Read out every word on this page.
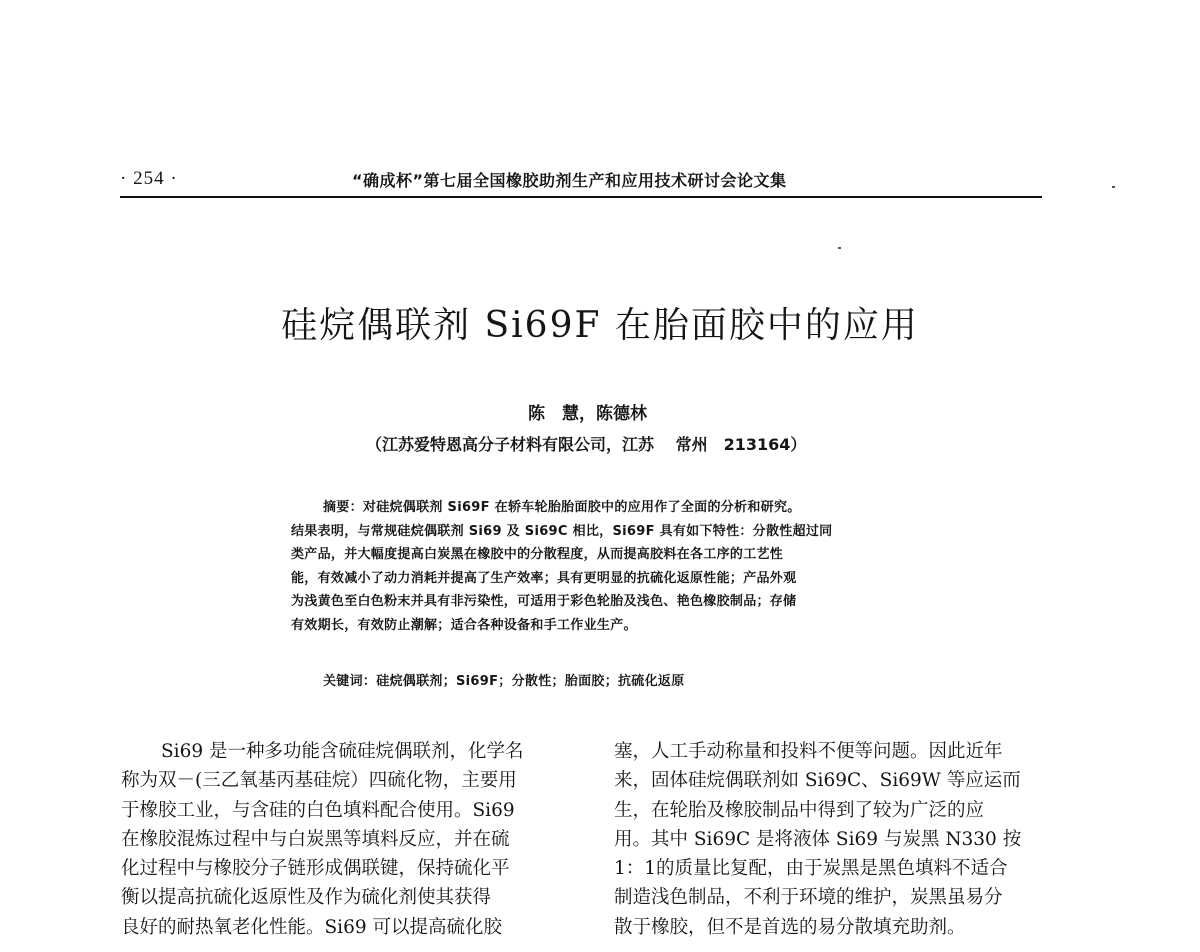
· 254 ·	“确成杯”第七届全国橡胶助剂生产和应用技术研讨会论文集
硅烷偶联剂 Si69F 在胎面胶中的应用
陈　慧，陈德林
（江苏爱特恩高分子材料有限公司，江苏　 常州　213164）
摘要：对硅烷偶联剂 Si69F 在轿车轮胎胎面胶中的应用作了全面的分析和研究。
结果表明，与常规硅烷偶联剂 Si69 及 Si69C 相比，Si69F 具有如下特性：分散性超过同
类产品，并大幅度提高白炭黑在橡胶中的分散程度，从而提高胶料在各工序的工艺性
能，有效减小了动力消耗并提高了生产效率；具有更明显的抗硫化返原性能；产品外观
为浅黄色至白色粉末并具有非污染性，可适用于彩色轮胎及浅色、艳色橡胶制品；存储
有效期长，有效防止潮解；适合各种设备和手工作业生产。
关键词：硅烷偶联剂；Si69F；分散性；胎面胶；抗硫化返原
Si69 是一种多功能含硫硅烷偶联剂，化学名
称为双－(三乙氧基丙基硅烷）四硫化物，主要用
于橡胶工业，与含硅的白色填料配合使用。Si69
在橡胶混炼过程中与白炭黑等填料反应，并在硫
化过程中与橡胶分子链形成偶联键，保持硫化平
衡以提高抗硫化返原性及作为硫化剂使其获得
良好的耐热氧老化性能。Si69 可以提高硫化胶
塞，人工手动称量和投料不便等问题。因此近年
来，固体硅烷偶联剂如 Si69C、Si69W 等应运而
生，在轮胎及橡胶制品中得到了较为广泛的应
用。其中 Si69C 是将液体 Si69 与炭黑 N330 按
1：1的质量比复配，由于炭黑是黑色填料不适合
制造浅色制品，不利于环境的维护，炭黑虽易分
散于橡胶，但不是首选的易分散填充助剂。
